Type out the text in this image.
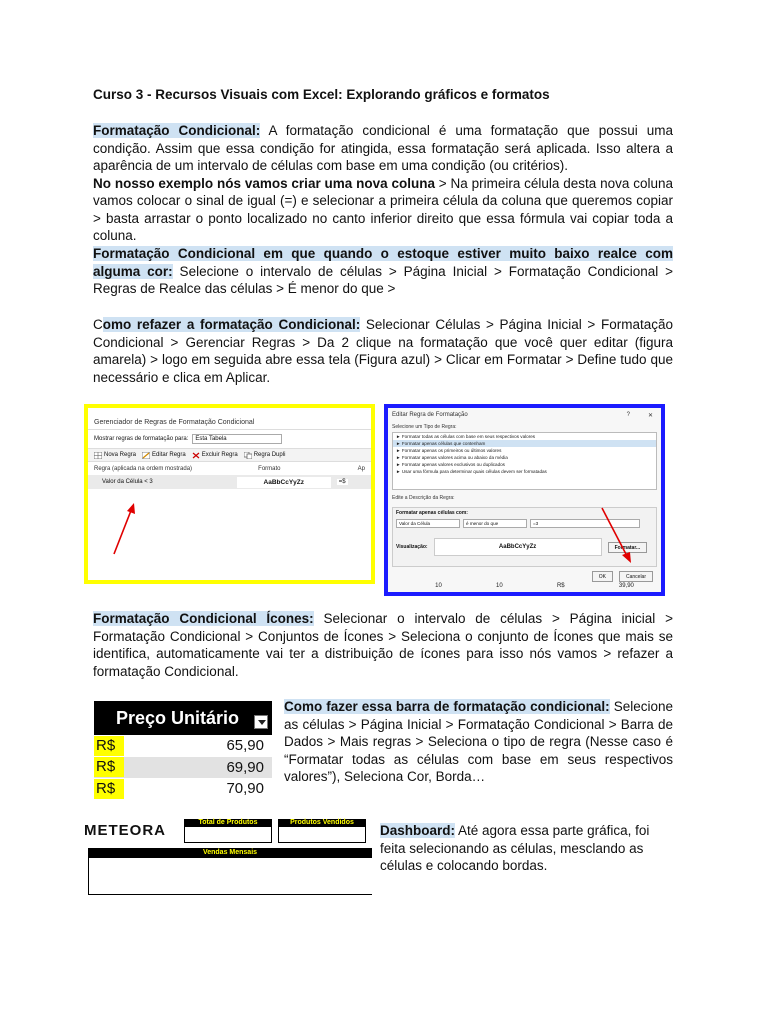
Curso 3 - Recursos Visuais com Excel: Explorando gráficos e formatos
Formatação Condicional: A formatação condicional é uma formatação que possui uma condição. Assim que essa condição for atingida, essa formatação será aplicada. Isso altera a aparência de um intervalo de células com base em uma condição (ou critérios).
No nosso exemplo nós vamos criar uma nova coluna > Na primeira célula desta nova coluna vamos colocar o sinal de igual (=) e selecionar a primeira célula da coluna que queremos copiar > basta arrastar o ponto localizado no canto inferior direito que essa fórmula vai copiar toda a coluna.
Formatação Condicional em que quando o estoque estiver muito baixo realce com alguma cor: Selecione o intervalo de células > Página Inicial > Formatação Condicional > Regras de Realce das células > É menor do que >
Como refazer a formatação Condicional: Selecionar Células > Página Inicial > Formatação Condicional > Gerenciar Regras > Da 2 clique na formatação que você quer editar (figura amarela) > logo em seguida abre essa tela (Figura azul) > Clicar em Formatar > Define tudo que necessário e clica em Aplicar.
Gerenciador de Regras de Formatação Condicional
Mostrar regras de formatação para:	Esta Tabela
Nova Regra	Editar Regra	Excluir Regra	Regra Dupli
Regra (aplicada na ordem mostrada)	Formato	Ap
Valor da Célula < 3	AaBbCcYyZz	=$
Editar Regra de Formatação	?	✕
Selecione um Tipo de Regra:
► Formatar todas as células com base em seus respectivos valores
► Formatar apenas células que contenham
► Formatar apenas os primeiros ou últimos valores
► Formatar apenas valores acima ou abaixo da média
► Formatar apenas valores exclusivos ou duplicados
► Usar uma fórmula para determinar quais células devem ser formatadas
Edite a Descrição da Regra:
Formatar apenas células com:
Valor da Célula	é menor do que	=3
Visualização:	AaBbCcYyZz	Formatar...
OK	Cancelar
10	10	R$	39,90
Formatação Condicional Ícones: Selecionar o intervalo de células > Página inicial > Formatação Condicional > Conjuntos de Ícones > Seleciona o conjunto de Ícones que mais se identifica, automaticamente vai ter a distribuição de ícones para isso nós vamos > refazer a formatação Condicional.
Preço Unitário
R$	65,90
R$	69,90
R$	70,90
Como fazer essa barra de formatação condicional: Selecione as células > Página Inicial > Formatação Condicional > Barra de Dados > Mais regras > Seleciona o tipo de regra (Nesse caso é “Formatar todas as células com base em seus respectivos valores”), Seleciona Cor, Borda…
METEORA	Total de Produtos	Produtos Vendidos
Vendas Mensais
Dashboard: Até agora essa parte gráfica, foi feita selecionando as células, mesclando as células e colocando bordas.
